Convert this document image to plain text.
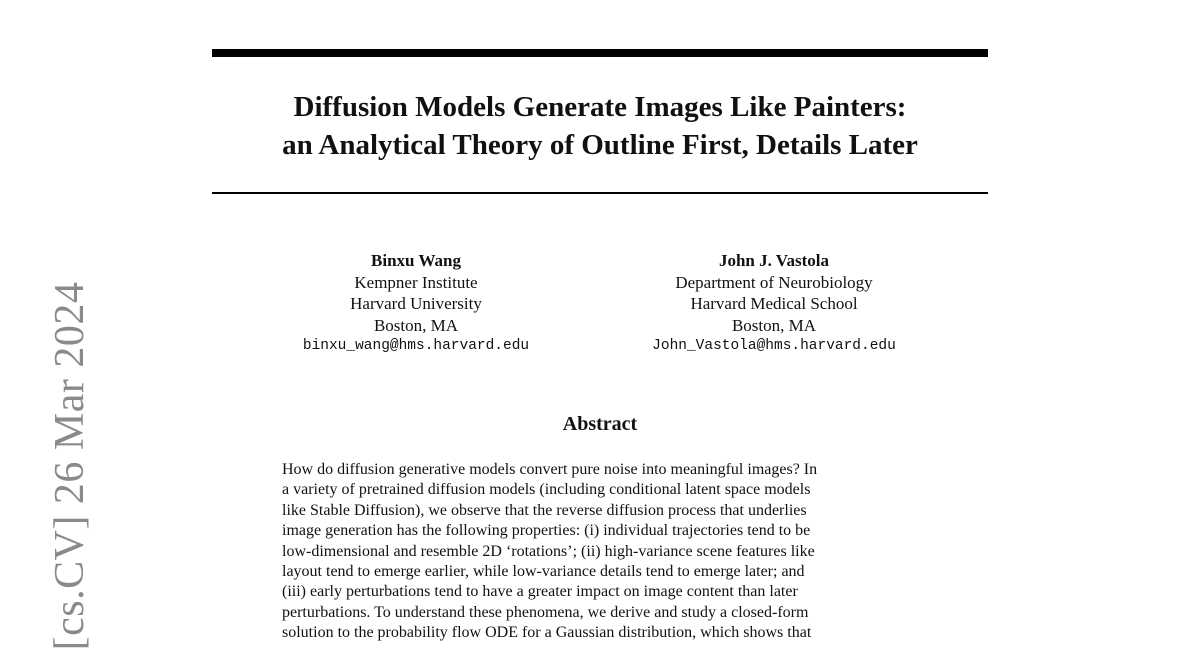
[cs.CV] 26 Mar 2024
Diffusion Models Generate Images Like Painters:
an Analytical Theory of Outline First, Details Later
Binxu Wang
Kempner Institute
Harvard University
Boston, MA
binxu_wang@hms.harvard.edu
John J. Vastola
Department of Neurobiology
Harvard Medical School
Boston, MA
John_Vastola@hms.harvard.edu
Abstract
How do diffusion generative models convert pure noise into meaningful images? In
a variety of pretrained diffusion models (including conditional latent space models
like Stable Diffusion), we observe that the reverse diffusion process that underlies
image generation has the following properties: (i) individual trajectories tend to be
low-dimensional and resemble 2D ‘rotations’; (ii) high-variance scene features like
layout tend to emerge earlier, while low-variance details tend to emerge later; and
(iii) early perturbations tend to have a greater impact on image content than later
perturbations. To understand these phenomena, we derive and study a closed-form
solution to the probability flow ODE for a Gaussian distribution, which shows that
